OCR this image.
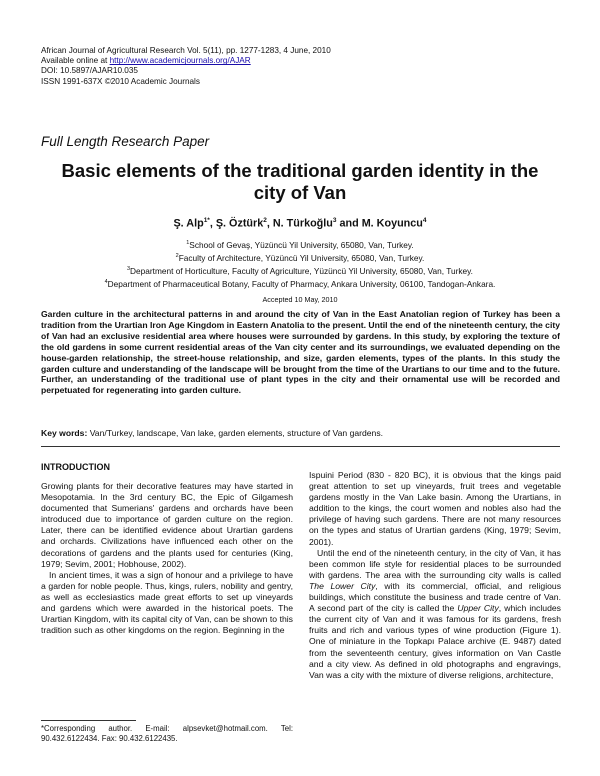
African Journal of Agricultural Research Vol. 5(11), pp. 1277-1283, 4 June, 2010
Available online at http://www.academicjournals.org/AJAR
DOI: 10.5897/AJAR10.035
ISSN 1991-637X ©2010 Academic Journals
Full Length Research Paper
Basic elements of the traditional garden identity in the city of Van
Ş. Alp$^{1*}$, Ş. Öztürk$^2$, N. Türkoğlu$^3$ and M. Koyuncu$^4$
$^1$School of Gevaş, Yüzüncü Yil University, 65080, Van, Turkey.
$^2$Faculty of Architecture, Yüzüncü Yil University, 65080, Van, Turkey.
$^3$Department of Horticulture, Faculty of Agriculture, Yüzüncü Yil University, 65080, Van, Turkey.
$^4$Department of Pharmaceutical Botany, Faculty of Pharmacy, Ankara University, 06100, Tandogan-Ankara.
Accepted 10 May, 2010
Garden culture in the architectural patterns in and around the city of Van in the East Anatolian region of Turkey has been a tradition from the Urartian Iron Age Kingdom in Eastern Anatolia to the present. Until the end of the nineteenth century, the city of Van had an exclusive residential area where houses were surrounded by gardens. In this study, by exploring the texture of the old gardens in some current residential areas of the Van city center and its surroundings, we evaluated depending on the house-garden relationship, the street-house relationship, and size, garden elements, types of the plants. In this study the garden culture and understanding of the landscape will be brought from the time of the Urartians to our time and to the future. Further, an understanding of the traditional use of plant types in the city and their ornamental use will be recorded and perpetuated for regenerating into garden culture.
Key words: Van/Turkey, landscape, Van lake, garden elements, structure of Van gardens.
INTRODUCTION

Growing plants for their decorative features may have started in Mesopotamia. In the 3rd century BC, the Epic of Gilgamesh documented that Sumerians' gardens and orchards have been introduced due to importance of garden culture on the region. Later, there can be identified evidence about Urartian gardens and orchards. Civilizations have influenced each other on the decorations of gardens and the plants used for centuries (King, 1979; Sevim, 2001; Hobhouse, 2002).

In ancient times, it was a sign of honour and a privilege to have a garden for noble people. Thus, kings, rulers, nobility and gentry, as well as ecclesiastics made great efforts to set up vineyards and gardens which were awarded in the historical poets. The Urartian Kingdom, with its capital city of Van, can be shown to this tradition such as other kingdoms on the region. Beginning in the

*Corresponding author. E-mail: alpsevket@hotmail.com. Tel: 90.432.6122434. Fax: 90.432.6122435.

Ispuini Period (830 - 820 BC), it is obvious that the kings paid great attention to set up vineyards, fruit trees and vegetable gardens mostly in the Van Lake basin. Among the Urartians, in addition to the kings, the court women and nobles also had the privilege of having such gardens. There are not many resources on the types and status of Urartian gardens (King, 1979; Sevim, 2001).

Until the end of the nineteenth century, in the city of Van, it has been common life style for residential places to be surrounded with gardens. The area with the surrounding city walls is called The Lower City, with its commercial, official, and religious buildings, which constitute the business and trade centre of Van. A second part of the city is called the Upper City, which includes the current city of Van and it was famous for its gardens, fresh fruits and rich and various types of wine production (Figure 1). One of miniature in the Topkapı Palace archive (E. 9487) dated from the seventeenth century, gives information on Van Castle and a city view. As defined in old photographs and engravings, Van was a city with the mixture of diverse religions, architecture,
